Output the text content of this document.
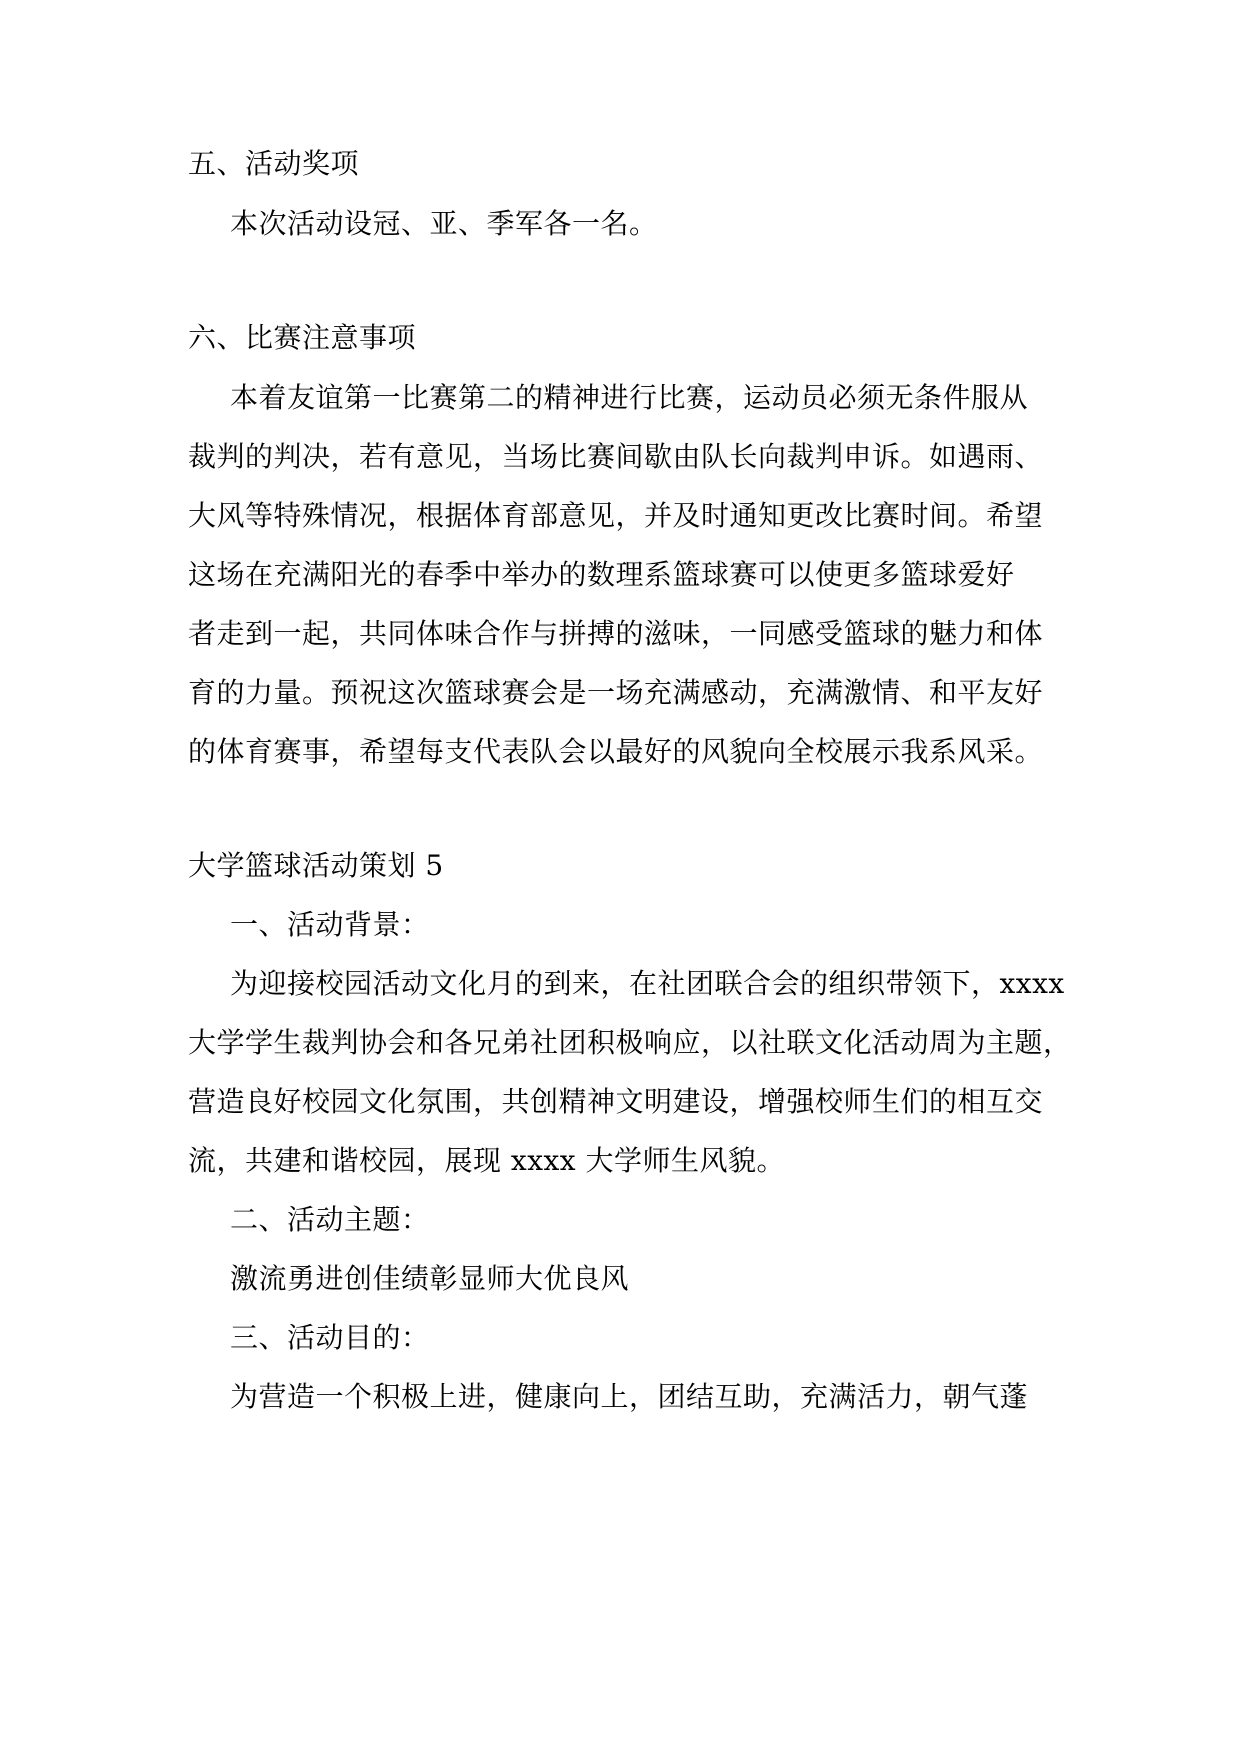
五、活动奖项
本次活动设冠、亚、季军各一名。
六、比赛注意事项
本着友谊第一比赛第二的精神进行比赛，运动员必须无条件服从
裁判的判决，若有意见，当场比赛间歇由队长向裁判申诉。如遇雨、
大风等特殊情况，根据体育部意见，并及时通知更改比赛时间。希望
这场在充满阳光的春季中举办的数理系篮球赛可以使更多篮球爱好
者走到一起，共同体味合作与拼搏的滋味，一同感受篮球的魅力和体
育的力量。预祝这次篮球赛会是一场充满感动，充满激情、和平友好
的体育赛事，希望每支代表队会以最好的风貌向全校展示我系风采。
大学篮球活动策划 5
一、活动背景：
为迎接校园活动文化月的到来，在社团联合会的组织带领下，xxxx
大学学生裁判协会和各兄弟社团积极响应，以社联文化活动周为主题，
营造良好校园文化氛围，共创精神文明建设，增强校师生们的相互交
流，共建和谐校园，展现 xxxx 大学师生风貌。
二、活动主题：
激流勇进创佳绩彰显师大优良风
三、活动目的：
为营造一个积极上进，健康向上，团结互助，充满活力，朝气蓬
